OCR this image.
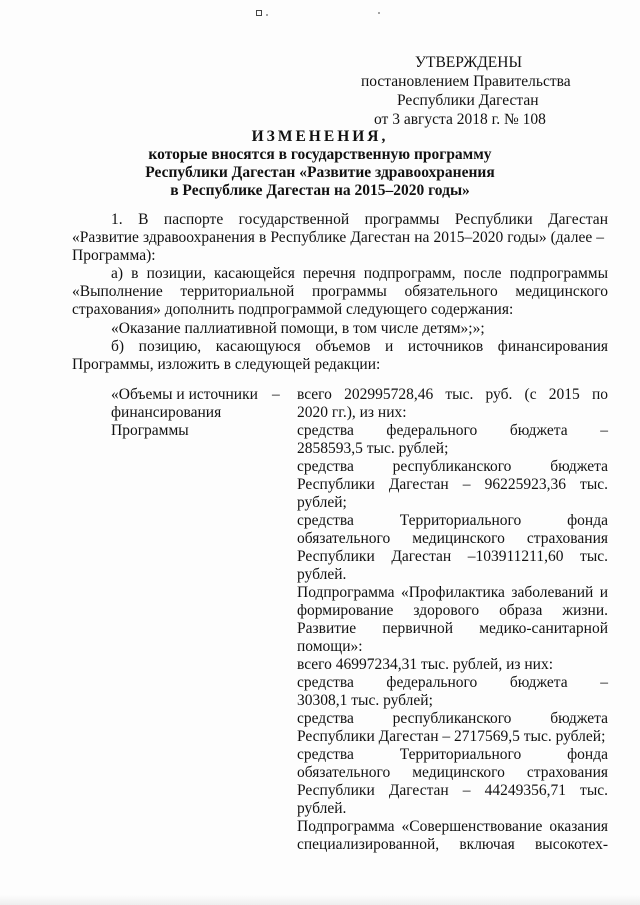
УТВЕРЖДЕНЫ
постановлением Правительства
Республики Дагестан
от 3 августа 2018 г. № 108
ИЗМЕНЕНИЯ,
которые вносятся в государственную программу
Республики Дагестан «Развитие здравоохранения
в Республике Дагестан на 2015–2020 годы»
1. В паспорте государственной программы Республики Дагестан
«Развитие здравоохранения в Республике Дагестан на 2015–2020 годы» (далее –
Программа):
а) в позиции, касающейся перечня подпрограмм, после подпрограммы
«Выполнение территориальной программы обязательного медицинского
страхования» дополнить подпрограммой следующего содержания:
«Оказание паллиативной помощи, в том числе детям»;»;
б) позицию, касающуюся объемов и источников финансирования
Программы, изложить в следующей редакции:
«Объемы и источники
финансирования
Программы
– всего 202995728,46 тыс. руб. (с 2015 по
2020 гг.), из них:
средства федерального бюджета –
2858593,5 тыс. рублей;
средства республиканского бюджета
Республики Дагестан – 96225923,36 тыс.
рублей;
средства Территориального фонда
обязательного медицинского страхования
Республики Дагестан –103911211,60 тыс.
рублей.
Подпрограмма «Профилактика заболеваний и
формирование здорового образа жизни.
Развитие первичной медико-санитарной
помощи»:
всего 46997234,31 тыс. рублей, из них:
средства федерального бюджета –
30308,1 тыс. рублей;
средства республиканского бюджета
Республики Дагестан – 2717569,5 тыс. рублей;
средства Территориального фонда
обязательного медицинского страхования
Республики Дагестан – 44249356,71 тыс.
рублей.
Подпрограмма «Совершенствование оказания
специализированной, включая высокотех-
